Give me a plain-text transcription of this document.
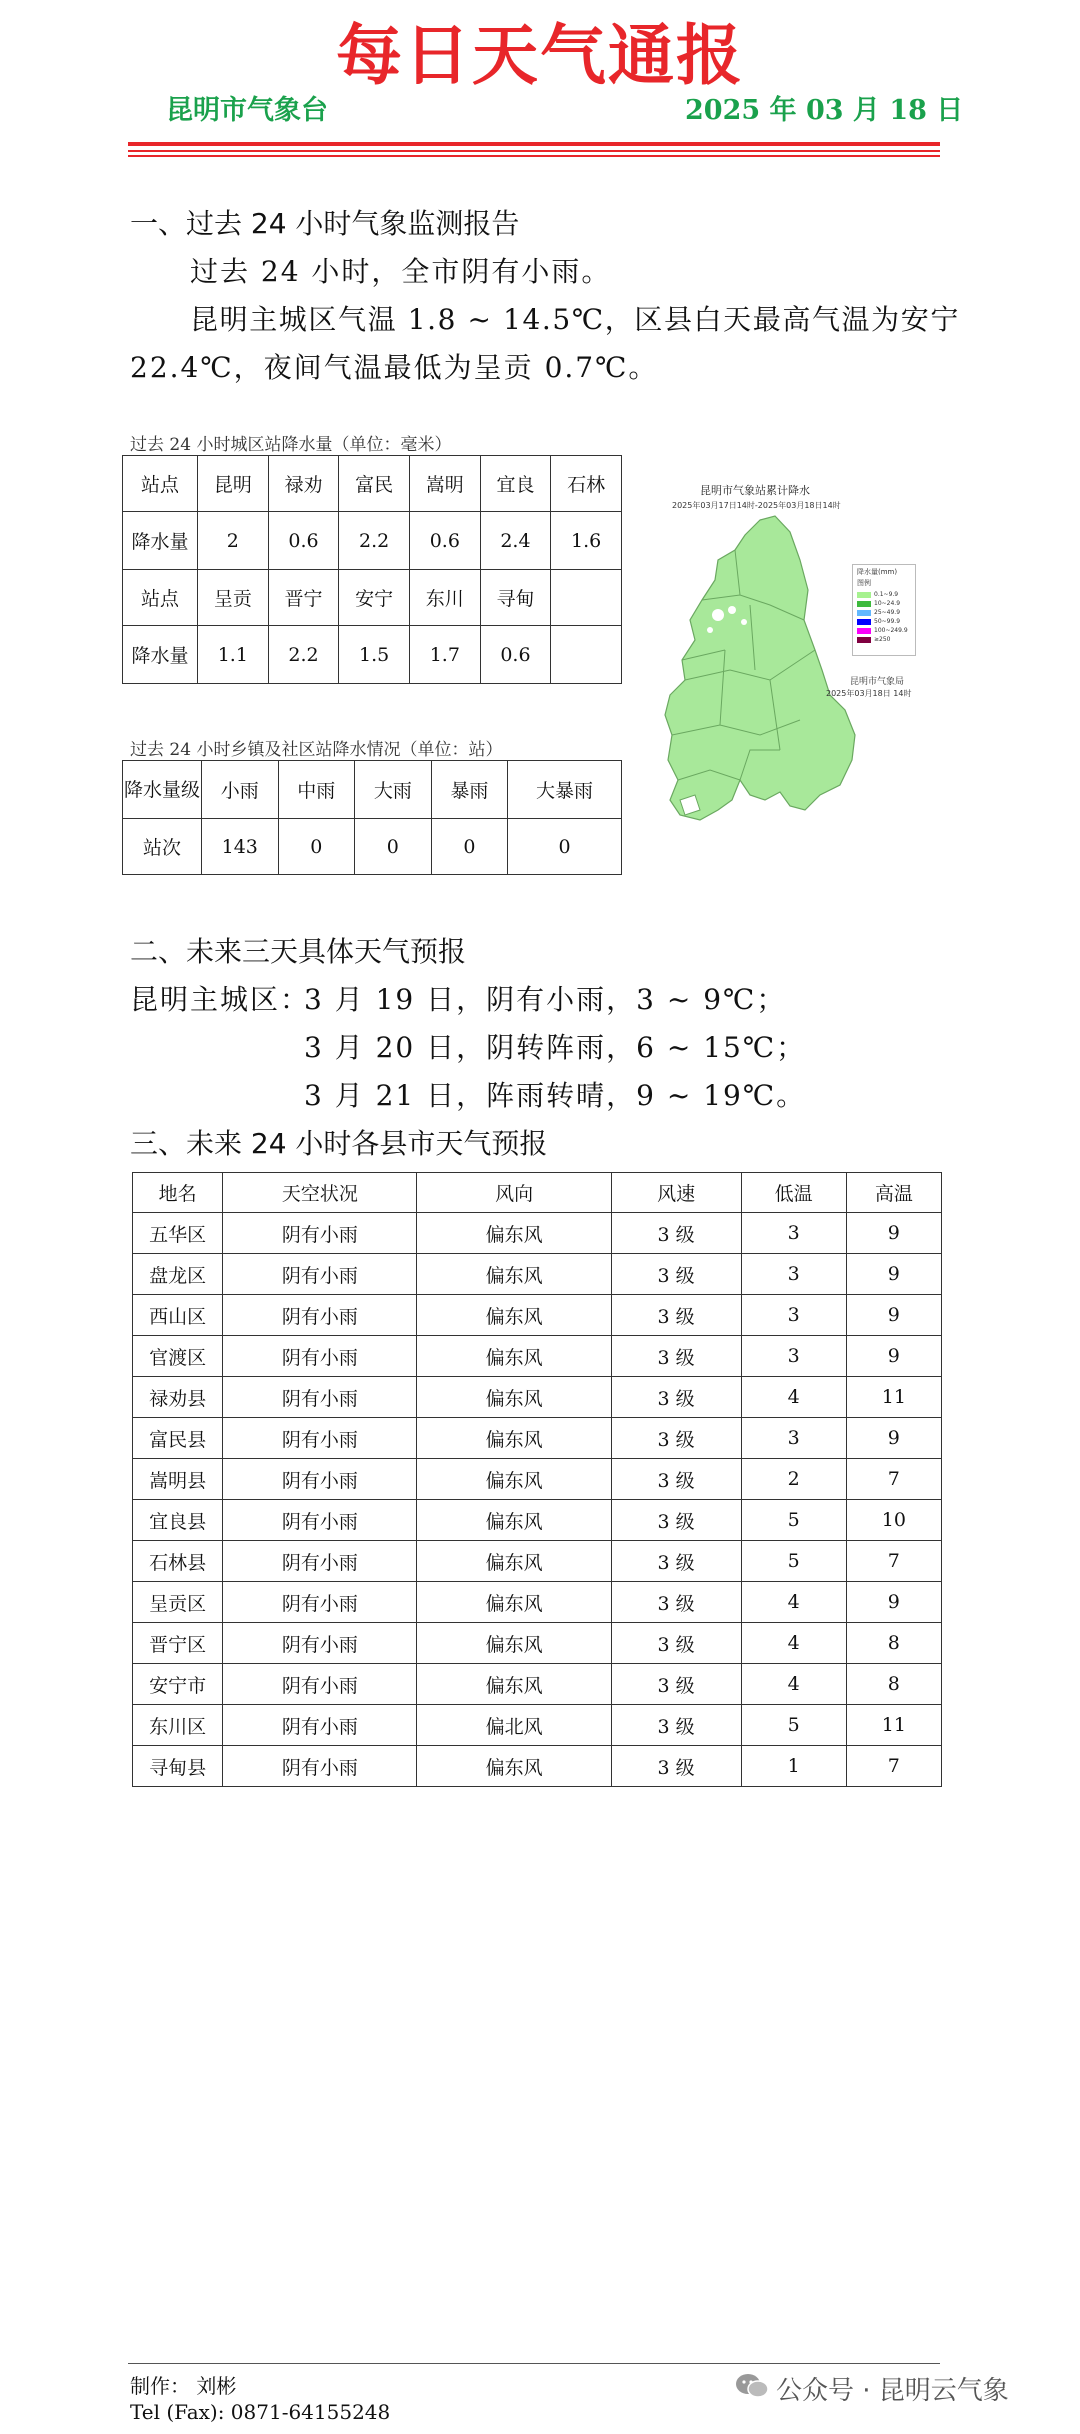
每日天气通报
昆明市气象台	2025 年 03 月 18 日
一、过去 24 小时气象监测报告
过去 24 小时，全市阴有小雨。
昆明主城区气温 1.8 ~ 14.5℃，区县白天最高气温为安宁
22.4℃，夜间气温最低为呈贡 0.7℃。
过去 24 小时城区站降水量（单位：毫米）
站点	昆明	禄劝	富民	嵩明	宜良	石林
降水量	2	0.6	2.2	0.6	2.4	1.6
站点	呈贡	晋宁	安宁	东川	寻甸	
降水量	1.1	2.2	1.5	1.7	0.6	
过去 24 小时乡镇及社区站降水情况（单位：站）
降水量级	小雨	中雨	大雨	暴雨	大暴雨
站次	143	0	0	0	0
昆明市气象站累计降水
2025年03月17日14时-2025年03月18日14时
降水量(mm)
图例
0.1~9.9
10~24.9
25~49.9
50~99.9
100~249.9
≥250
昆明市气象局
2025年03月18日 14时
二、未来三天具体天气预报
昆明主城区：
3 月 19 日，阴有小雨，3 ~ 9℃；
3 月 20 日，阴转阵雨，6 ~ 15℃；
3 月 21 日，阵雨转晴，9 ~ 19℃。
三、未来 24 小时各县市天气预报
地名	天空状况	风向	风速	低温	高温
五华区	阴有小雨	偏东风	3 级	3	9
盘龙区	阴有小雨	偏东风	3 级	3	9
西山区	阴有小雨	偏东风	3 级	3	9
官渡区	阴有小雨	偏东风	3 级	3	9
禄劝县	阴有小雨	偏东风	3 级	4	11
富民县	阴有小雨	偏东风	3 级	3	9
嵩明县	阴有小雨	偏东风	3 级	2	7
宜良县	阴有小雨	偏东风	3 级	5	10
石林县	阴有小雨	偏东风	3 级	5	7
呈贡区	阴有小雨	偏东风	3 级	4	9
晋宁区	阴有小雨	偏东风	3 级	4	8
安宁市	阴有小雨	偏东风	3 级	4	8
东川区	阴有小雨	偏北风	3 级	5	11
寻甸县	阴有小雨	偏东风	3 级	1	7
制作： 刘彬
Tel (Fax): 0871-64155248
公众号 · 昆明云气象
